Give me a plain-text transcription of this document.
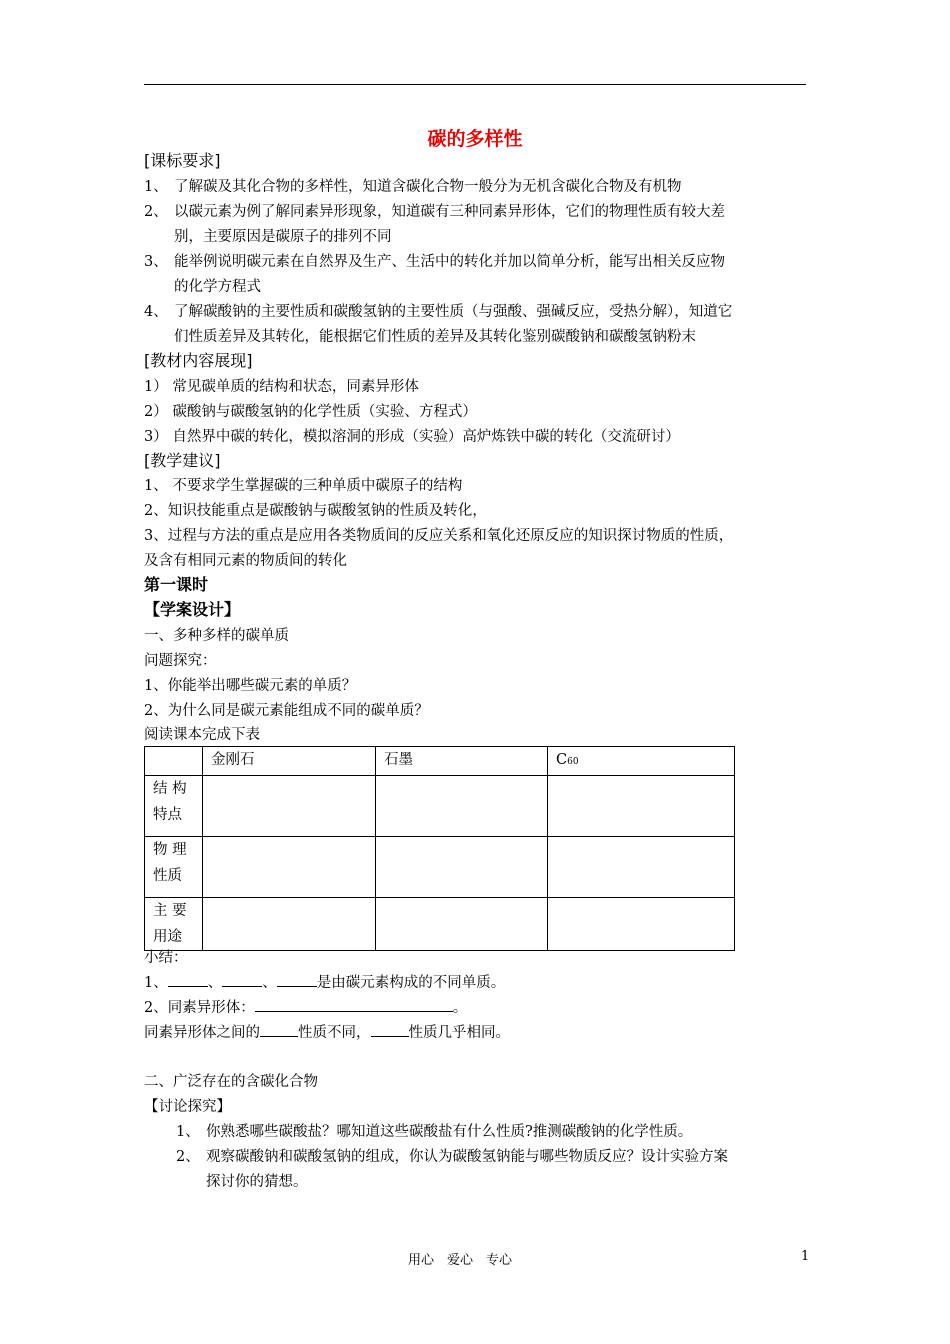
碳的多样性
[课标要求]
1、 了解碳及其化合物的多样性，知道含碳化合物一般分为无机含碳化合物及有机物
2、 以碳元素为例了解同素异形现象，知道碳有三种同素异形体，它们的物理性质有较大差
别，主要原因是碳原子的排列不同
3、 能举例说明碳元素在自然界及生产、生活中的转化并加以简单分析，能写出相关反应物
的化学方程式
4、 了解碳酸钠的主要性质和碳酸氢钠的主要性质（与强酸、强碱反应，受热分解），知道它
们性质差异及其转化，能根据它们性质的差异及其转化鉴别碳酸钠和碳酸氢钠粉末
[教材内容展现]
1） 常见碳单质的结构和状态，同素异形体
2） 碳酸钠与碳酸氢钠的化学性质（实验、方程式）
3） 自然界中碳的转化，模拟溶洞的形成（实验）高炉炼铁中碳的转化（交流研讨）
[教学建议]
1、 不要求学生掌握碳的三种单质中碳原子的结构
2、知识技能重点是碳酸钠与碳酸氢钠的性质及转化，
3、过程与方法的重点是应用各类物质间的反应关系和氧化还原反应的知识探讨物质的性质，
及含有相同元素的物质间的转化
第一课时
【学案设计】
一、多种多样的碳单质
问题探究：
1、你能举出哪些碳元素的单质？
2、为什么同是碳元素能组成不同的碳单质？
阅读课本完成下表
	金刚石	石墨	C60

结 构
特点			

物 理
性质			

主 要
用途			

小结：
1、	、	、	是由碳元素构成的不同单质。
2、同素异形体：	。
同素异形体之间的	性质不同，	性质几乎相同。
二、广泛存在的含碳化合物
【讨论探究】
1、 你熟悉哪些碳酸盐？哪知道这些碳酸盐有什么性质?推测碳酸钠的化学性质。
2、 观察碳酸钠和碳酸氢钠的组成，你认为碳酸氢钠能与哪些物质反应？设计实验方案
探讨你的猜想。
用心　爱心　专心	1
